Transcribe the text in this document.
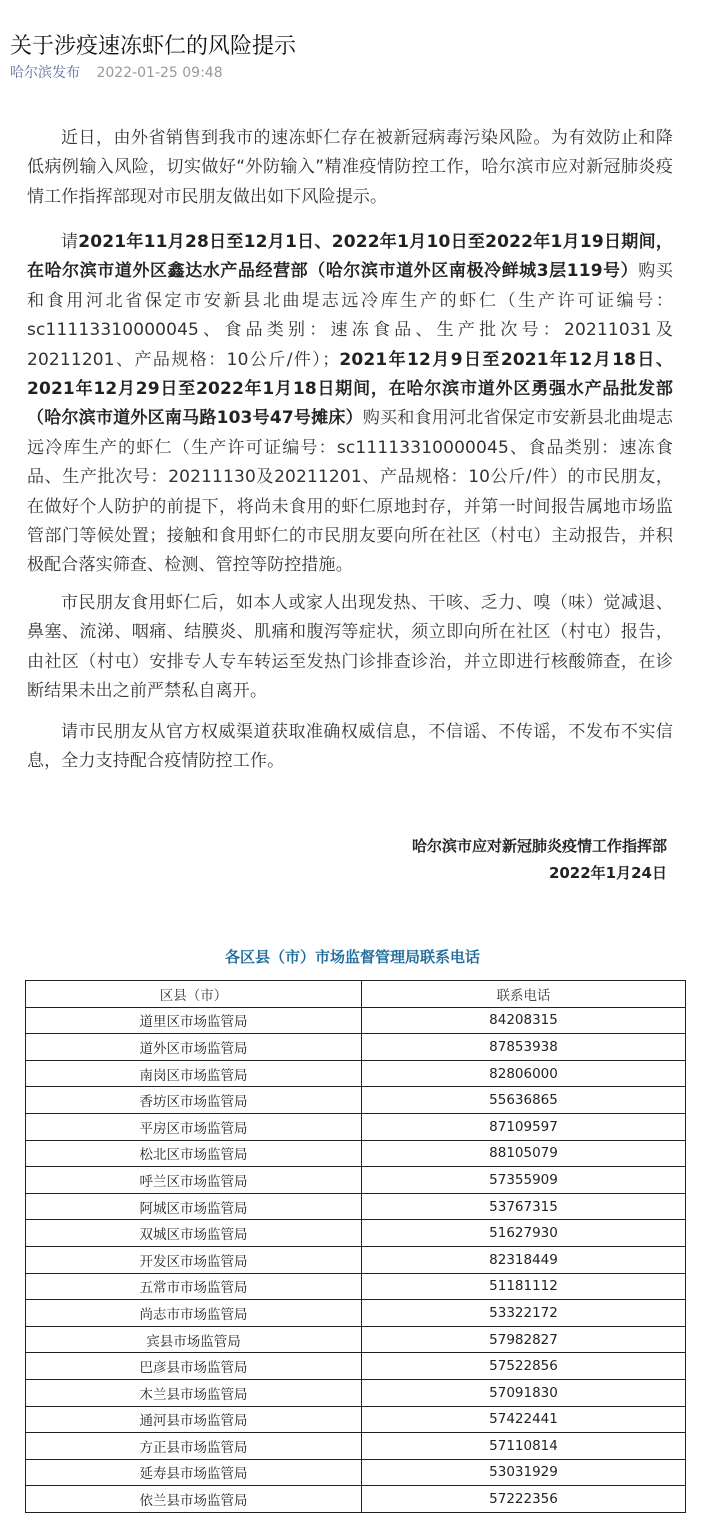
关于涉疫速冻虾仁的风险提示
哈尔滨发布 2022-01-25 09:48

近日，由外省销售到我市的速冻虾仁存在被新冠病毒污染风险。为有效防止和降低病例输入风险，切实做好“外防输入”精准疫情防控工作，哈尔滨市应对新冠肺炎疫情工作指挥部现对市民朋友做出如下风险提示。

请2021年11月28日至12月1日、2022年1月10日至2022年1月19日期间，在哈尔滨市道外区鑫达水产品经营部（哈尔滨市道外区南极冷鲜城3层119号）购买和食用河北省保定市安新县北曲堤志远冷库生产的虾仁（生产许可证编号：sc11113310000045、食品类别：速冻食品、生产批次号：20211031及20211201、产品规格：10公斤/件）；2021年12月9日至2021年12月18日、2021年12月29日至2022年1月18日期间，在哈尔滨市道外区勇强水产品批发部（哈尔滨市道外区南马路103号47号摊床）购买和食用河北省保定市安新县北曲堤志远冷库生产的虾仁（生产许可证编号：sc11113310000045、食品类别：速冻食品、生产批次号：20211130及20211201、产品规格：10公斤/件）的市民朋友，在做好个人防护的前提下，将尚未食用的虾仁原地封存，并第一时间报告属地市场监管部门等候处置；接触和食用虾仁的市民朋友要向所在社区（村屯）主动报告，并积极配合落实筛查、检测、管控等防控措施。

市民朋友食用虾仁后，如本人或家人出现发热、干咳、乏力、嗅（味）觉减退、鼻塞、流涕、咽痛、结膜炎、肌痛和腹泻等症状，须立即向所在社区（村屯）报告，由社区（村屯）安排专人专车转运至发热门诊排查诊治，并立即进行核酸筛查，在诊断结果未出之前严禁私自离开。

请市民朋友从官方权威渠道获取准确权威信息，不信谣、不传谣，不发布不实信息，全力支持配合疫情防控工作。

哈尔滨市应对新冠肺炎疫情工作指挥部
2022年1月24日
各区县（市）市场监督管理局联系电话
区县（市）	联系电话
道里区市场监管局	84208315
道外区市场监管局	87853938
南岗区市场监管局	82806000
香坊区市场监管局	55636865
平房区市场监管局	87109597
松北区市场监管局	88105079
呼兰区市场监管局	57355909
阿城区市场监管局	53767315
双城区市场监管局	51627930
开发区市场监管局	82318449
五常市市场监管局	51181112
尚志市市场监管局	53322172
宾县市场监管局	57982827
巴彦县市场监管局	57522856
木兰县市场监管局	57091830
通河县市场监管局	57422441
方正县市场监管局	57110814
延寿县市场监管局	53031929
依兰县市场监管局	57222356
